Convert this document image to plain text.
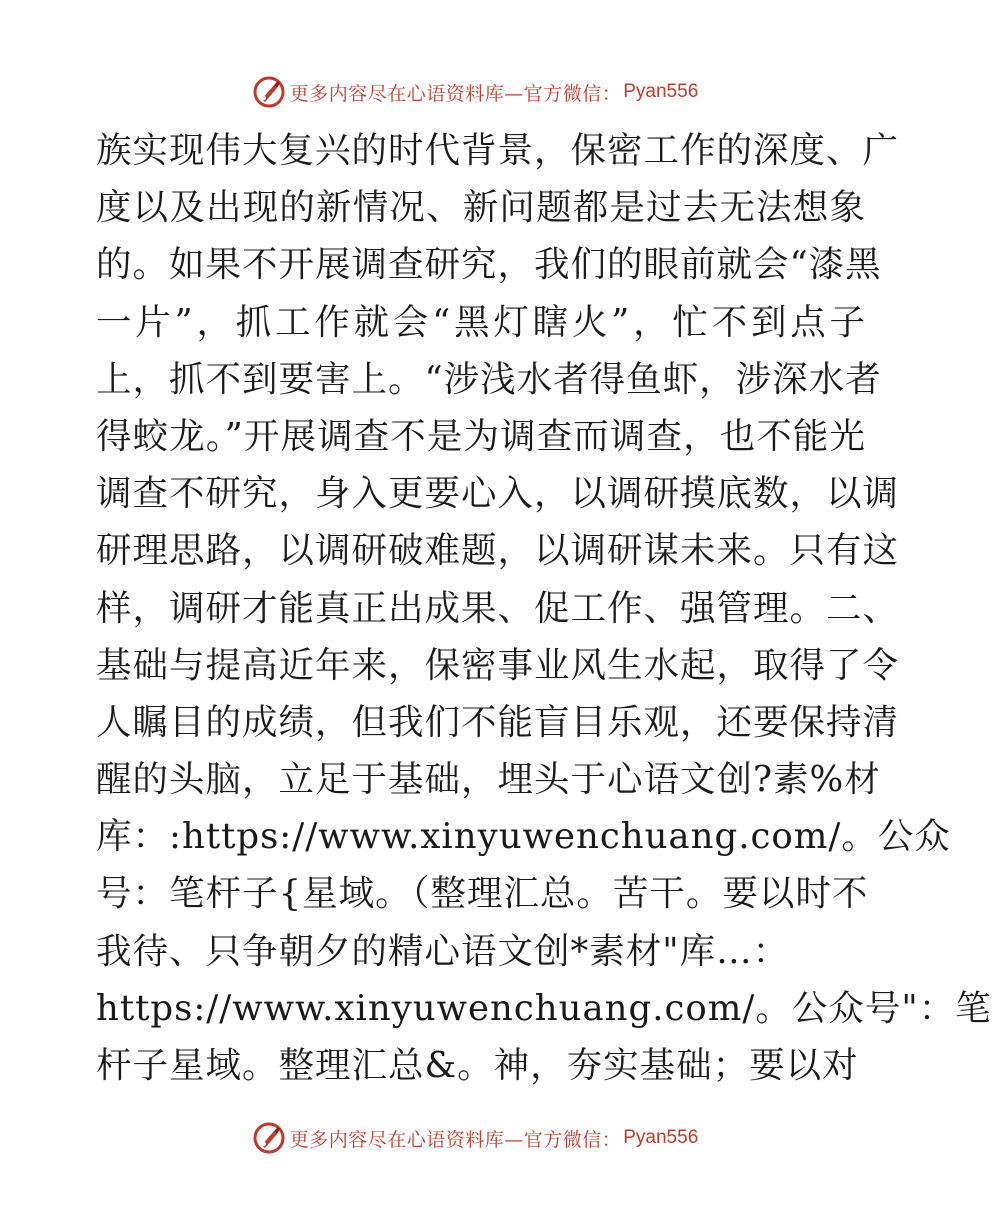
更多内容尽在心语资料库—官方微信： Pyan556
族实现伟大复兴的时代背景，保密工作的深度、广
度以及出现的新情况、新问题都是过去无法想象
的。如果不开展调查研究，我们的眼前就会“漆黑
一片”，抓工作就会“黑灯瞎火”，忙不到点子
上，抓不到要害上。“涉浅水者得鱼虾，涉深水者
得蛟龙。”开展调查不是为调查而调查，也不能光
调查不研究，身入更要心入，以调研摸底数，以调
研理思路，以调研破难题，以调研谋未来。只有这
样，调研才能真正出成果、促工作、强管理。二、
基础与提高近年来，保密事业风生水起，取得了令
人瞩目的成绩，但我们不能盲目乐观，还要保持清
醒的头脑，立足于基础，埋头于心语文创?素%材
库：:https://www.xinyuwenchuang.com/。公众
号：笔杆子{星域。（整理汇总。苦干。要以时不
我待、只争朝夕的精心语文创*素材"库…：
https://www.xinyuwenchuang.com/。公众号"：笔
杆子星域。整理汇总&。神，夯实基础；要以对
更多内容尽在心语资料库—官方微信： Pyan556
